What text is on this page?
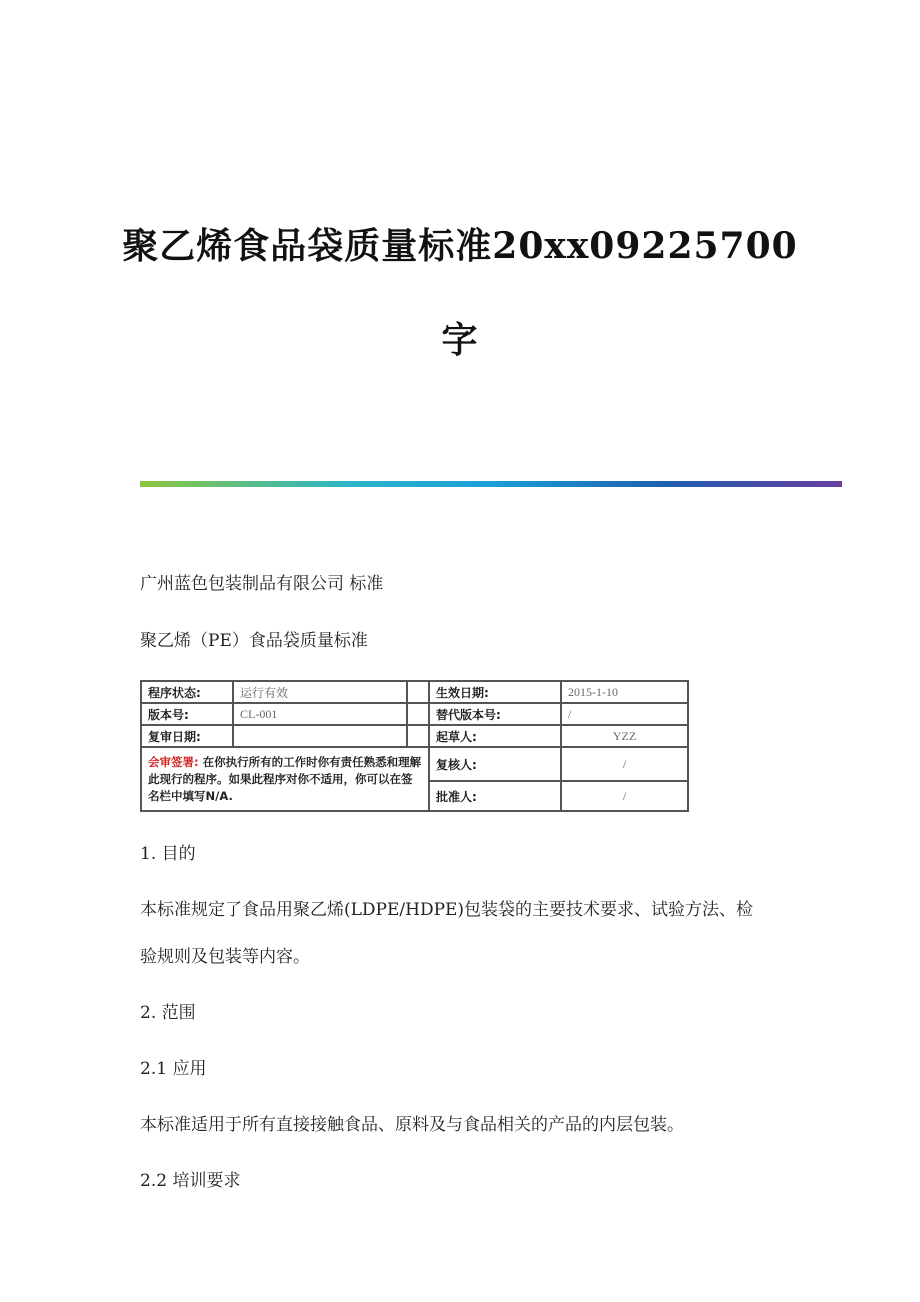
聚乙烯食品袋质量标准20xx09225700
字
广州蓝色包装制品有限公司 标准
聚乙烯（PE）食品袋质量标准
程序状态:	运行有效		生效日期:	2015-1-10
版本号:	CL-001		替代版本号:	/
复审日期:			起草人:	YZZ
会审签署: 在你执行所有的工作时你有责任熟悉和理解此现行的程序。如果此程序对你不适用，你可以在签名栏中填写N/A.			复核人:	/
			批准人:	/
1. 目的
本标准规定了食品用聚乙烯(LDPE/HDPE)包装袋的主要技术要求、试验方法、检
验规则及包装等内容。
2. 范围
2.1 应用
本标准适用于所有直接接触食品、原料及与食品相关的产品的内层包装。
2.2 培训要求
